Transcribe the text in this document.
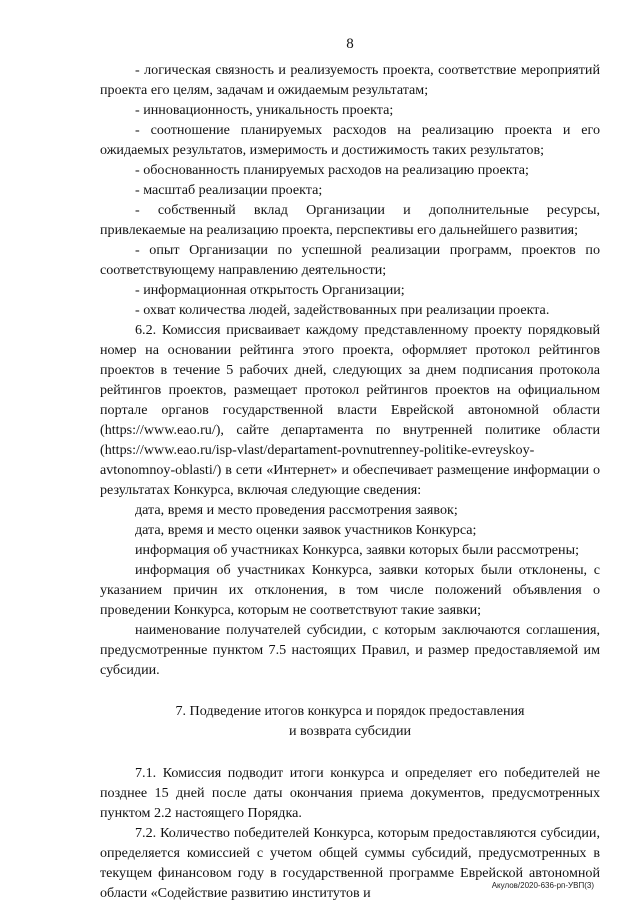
8

- логическая связность и реализуемость проекта, соответствие мероприятий проекта его целям, задачам и ожидаемым результатам;

- инновационность, уникальность проекта;

- соотношение планируемых расходов на реализацию проекта и его ожидаемых результатов, измеримость и достижимость таких результатов;

- обоснованность планируемых расходов на реализацию проекта;

- масштаб реализации проекта;

- собственный вклад Организации и дополнительные ресурсы, привлекаемые на реализацию проекта, перспективы его дальнейшего развития;

- опыт Организации по успешной реализации программ, проектов по соответствующему направлению деятельности;

- информационная открытость Организации;

- охват количества людей, задействованных при реализации проекта.

6.2. Комиссия присваивает каждому представленному проекту порядковый номер на основании рейтинга этого проекта, оформляет протокол рейтингов проектов в течение 5 рабочих дней, следующих за днем подписания протокола рейтингов проектов, размещает протокол рейтингов проектов на официальном портале органов государственной власти Еврейской автономной области (https://www.eao.ru/), сайте департамента по внутренней политике области (https://www.eao.ru/isp-vlast/departament-povnutrenney-politike-evreyskoy-avtonomnoy-oblasti/) в сети «Интернет» и обеспечивает размещение информации о результатах Конкурса, включая следующие сведения:

дата, время и место проведения рассмотрения заявок;

дата, время и место оценки заявок участников Конкурса;

информация об участниках Конкурса, заявки которых были рассмотрены;

информация об участниках Конкурса, заявки которых были отклонены, с указанием причин их отклонения, в том числе положений объявления о проведении Конкурса, которым не соответствуют такие заявки;

наименование получателей субсидии, с которым заключаются соглашения, предусмотренные пунктом 7.5 настоящих Правил, и размер предоставляемой им субсидии.

7. Подведение итогов конкурса и порядок предоставления
и возврата субсидии

7.1. Комиссия подводит итоги конкурса и определяет его победителей не позднее 15 дней после даты окончания приема документов, предусмотренных пунктом 2.2 настоящего Порядка.

7.2. Количество победителей Конкурса, которым предоставляются субсидии, определяется комиссией с учетом общей суммы субсидий, предусмотренных в текущем финансовом году в государственной программе Еврейской автономной области «Содействие развитию институтов и	Акулов/2020-636-рп-УВП(3)
